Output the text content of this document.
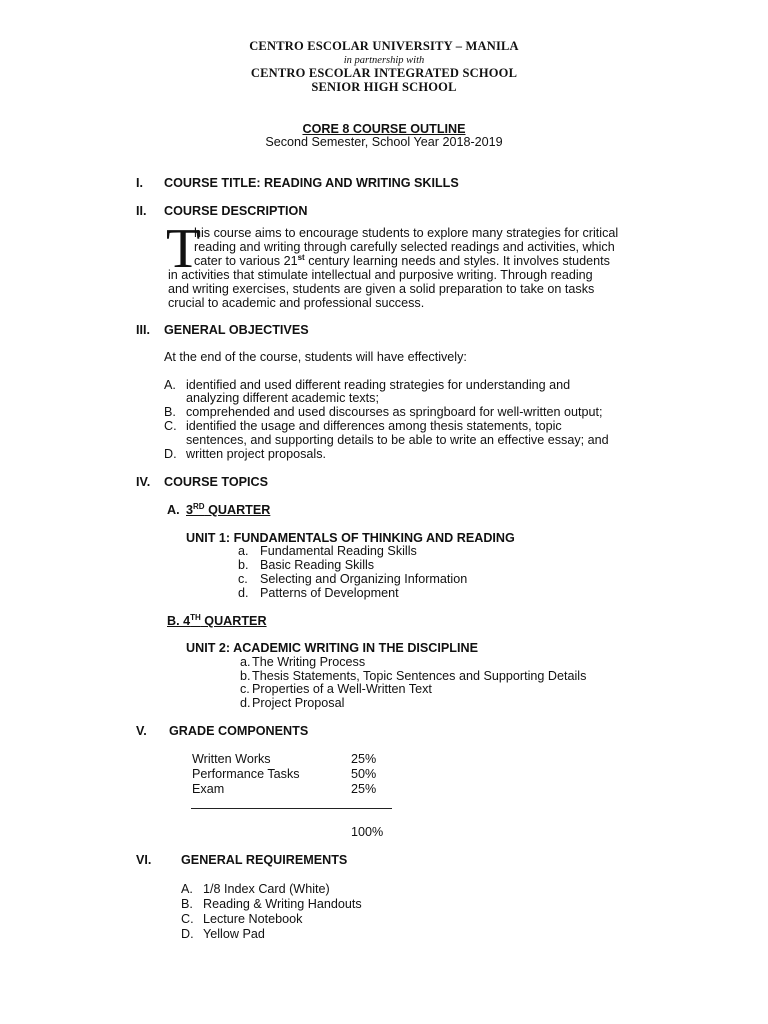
CENTRO ESCOLAR UNIVERSITY – MANILA
in partnership with
CENTRO ESCOLAR INTEGRATED SCHOOL
SENIOR HIGH SCHOOL
CORE 8 COURSE OUTLINE
Second Semester, School Year 2018-2019
I. COURSE TITLE: READING AND WRITING SKILLS
II. COURSE DESCRIPTION
T
his course aims to encourage students to explore many strategies for critical
reading and writing through carefully selected readings and activities, which
cater to various 21st century learning needs and styles. It involves students
in activities that stimulate intellectual and purposive writing. Through reading
and writing exercises, students are given a solid preparation to take on tasks
crucial to academic and professional success.
III. GENERAL OBJECTIVES
At the end of the course, students will have effectively:
A. identified and used different reading strategies for understanding and
analyzing different academic texts;
B. comprehended and used discourses as springboard for well-written output;
C. identified the usage and differences among thesis statements, topic
sentences, and supporting details to be able to write an effective essay; and
D. written project proposals.
IV. COURSE TOPICS
A. 3RD QUARTER
UNIT 1: FUNDAMENTALS OF THINKING AND READING
a. Fundamental Reading Skills
b. Basic Reading Skills
c. Selecting and Organizing Information
d. Patterns of Development
B. 4TH QUARTER
UNIT 2: ACADEMIC WRITING IN THE DISCIPLINE
a. The Writing Process
b. Thesis Statements, Topic Sentences and Supporting Details
c. Properties of a Well-Written Text
d. Project Proposal
V. GRADE COMPONENTS
Written Works	25%
Performance Tasks	50%
Exam	25%
100%
VI. GENERAL REQUIREMENTS
A. 1/8 Index Card (White)
B. Reading & Writing Handouts
C. Lecture Notebook
D. Yellow Pad
